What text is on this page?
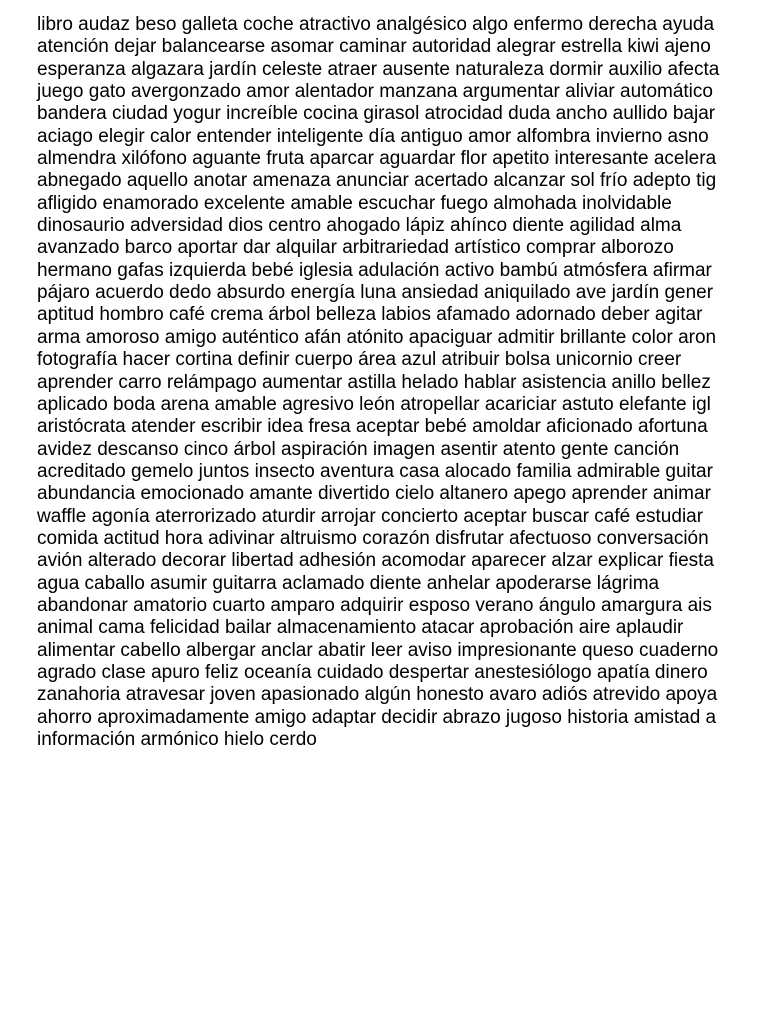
libro audaz beso galleta coche atractivo analgésico algo enfermo derecha ayuda
atención dejar balancearse asomar caminar autoridad alegrar estrella kiwi ajeno
esperanza algazara jardín celeste atraer ausente naturaleza dormir auxilio afecta
juego gato avergonzado amor alentador manzana argumentar aliviar automático
bandera ciudad yogur increíble cocina girasol atrocidad duda ancho aullido bajar
aciago elegir calor entender inteligente día antiguo amor alfombra invierno asno
almendra xilófono aguante fruta aparcar aguardar flor apetito interesante acelera
abnegado aquello anotar amenaza anunciar acertado alcanzar sol frío adepto tig
afligido enamorado excelente amable escuchar fuego almohada inolvidable
dinosaurio adversidad dios centro ahogado lápiz ahínco diente agilidad alma
avanzado barco aportar dar alquilar arbitrariedad artístico comprar alborozo
hermano gafas izquierda bebé iglesia adulación activo bambú atmósfera afirmar
pájaro acuerdo dedo absurdo energía luna ansiedad aniquilado ave jardín gener
aptitud hombro café crema árbol belleza labios afamado adornado deber agitar
arma amoroso amigo auténtico afán atónito apaciguar admitir brillante color aron
fotografía hacer cortina definir cuerpo área azul atribuir bolsa unicornio creer
aprender carro relámpago aumentar astilla helado hablar asistencia anillo bellez
aplicado boda arena amable agresivo león atropellar acariciar astuto elefante igl
aristócrata atender escribir idea fresa aceptar bebé amoldar aficionado afortuna
avidez descanso cinco árbol aspiración imagen asentir atento gente canción
acreditado gemelo juntos insecto aventura casa alocado familia admirable guitar
abundancia emocionado amante divertido cielo altanero apego aprender animar
waffle agonía aterrorizado aturdir arrojar concierto aceptar buscar café estudiar
comida actitud hora adivinar altruismo corazón disfrutar afectuoso conversación
avión alterado decorar libertad adhesión acomodar aparecer alzar explicar fiesta
agua caballo asumir guitarra aclamado diente anhelar apoderarse lágrima
abandonar amatorio cuarto amparo adquirir esposo verano ángulo amargura ais
animal cama felicidad bailar almacenamiento atacar aprobación aire aplaudir
alimentar cabello albergar anclar abatir leer aviso impresionante queso cuaderno
agrado clase apuro feliz oceanía cuidado despertar anestesiólogo apatía dinero
zanahoria atravesar joven apasionado algún honesto avaro adiós atrevido apoya
ahorro aproximadamente amigo adaptar decidir abrazo jugoso historia amistad a
información armónico hielo cerdo
